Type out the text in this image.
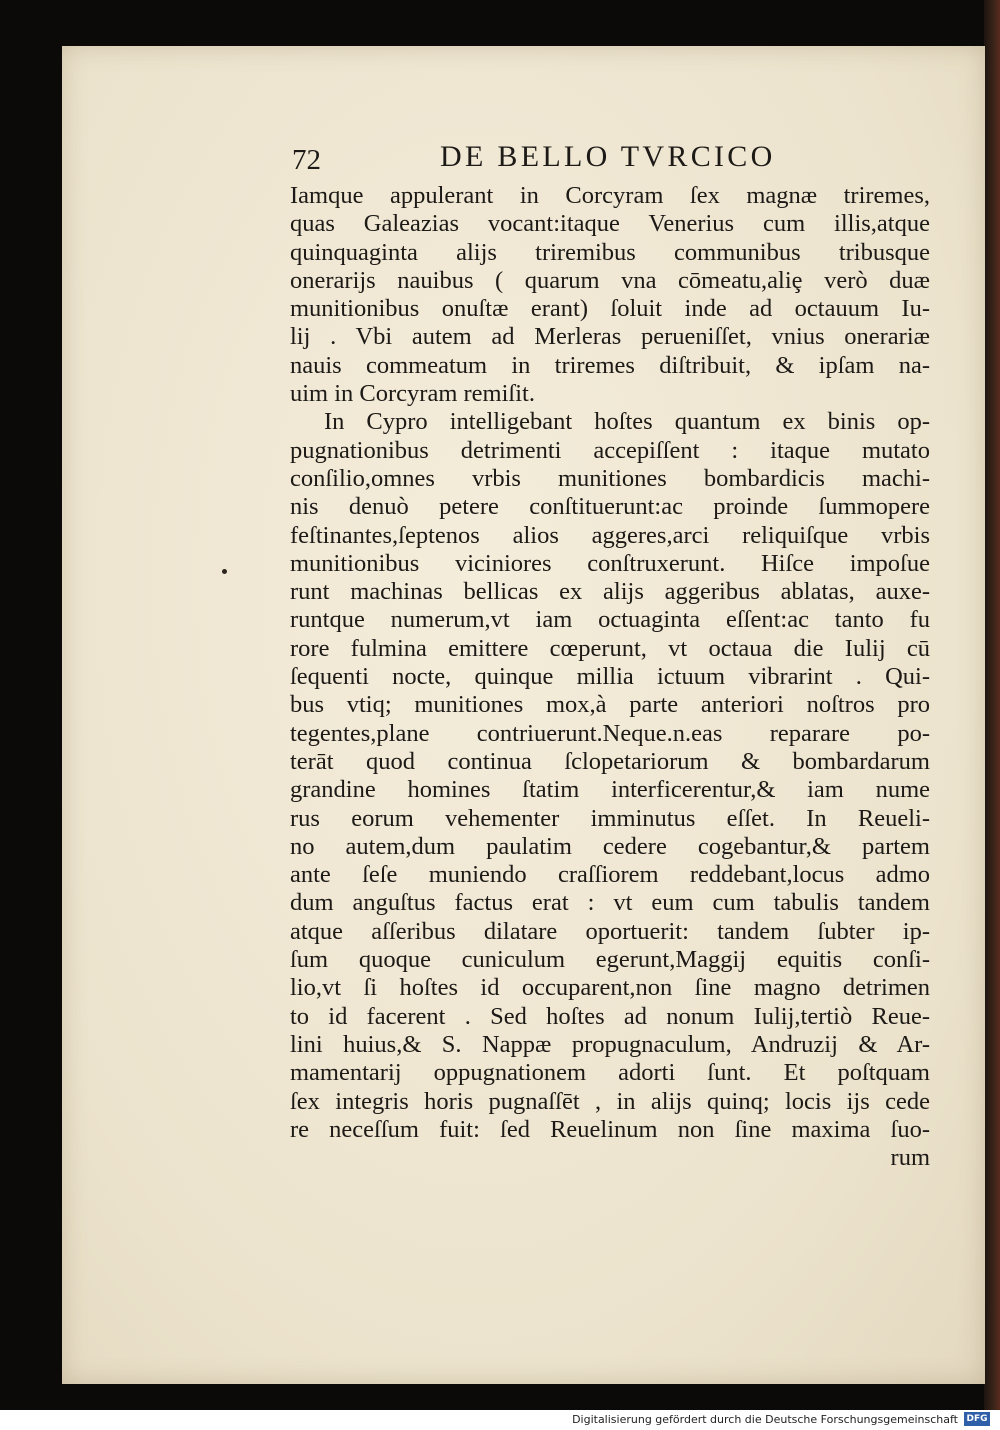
72	DE BELLO TVRCICO
Iamque appulerant in Corcyram ſex magnæ triremes,
quas Galeazias vocant:itaque Venerius cum illis,atque
quinquaginta aliјs triremibus communibus tribusque
onerarijs nauibus ( quarum vna cōmeatu,aliȩ verò duæ
munitionibus onuſtæ erant) ſoluit inde ad octauum Iu-
lij . Vbi autem ad Merleras perueniſſet, vnius onerariæ
nauis commeatum in triremes diſtribuit, & ipſam na-
uim in Corcyram remiſit.
In Cypro intelligebant hoſtes quantum ex binis op-
pugnationibus detrimenti accepiſſent : itaque mutato
conſilio,omnes vrbis munitiones bombardicis machi-
nis denuò petere conſtituerunt:ac proinde ſummopere
feſtinantes,ſeptenos alios aggeres,arci reliquiſque vrbis
munitionibus viciniores conſtruxerunt. Hiſce impoſue
runt machinas bellicas ex alijs aggeribus ablatas, auxe-
runtque numerum,vt iam octuaginta eſſent:ac tanto fu
rore fulmina emittere cœperunt, vt octaua die Iulij cū
ſequenti nocte, quinque millia ictuum vibrarint . Qui-
bus vtiq; munitiones mox,à parte anteriori noſtros pro
tegentes,plane contriuerunt.Neque.n.eas reparare po-
terāt quod continua ſclopetariorum & bombardarum
grandine homines ſtatim interficerentur,& iam nume
rus eorum vehementer imminutus eſſet. In Reueli-
no autem,dum paulatim cedere cogebantur,& partem
ante ſeſe muniendo craſſiorem reddebant,locus admo
dum anguſtus factus erat : vt eum cum tabulis tandem
atque aſſeribus dilatare oportuerit: tandem ſubter ip-
ſum quoque cuniculum egerunt,Maggij equitis conſi-
lio,vt ſi hoſtes id occuparent,non ſine magno detrimen
to id facerent . Sed hoſtes ad nonum Iulij,tertiò Reue-
lini huius,& S. Nappæ propugnaculum, Andruzij & Ar-
mamentarij oppugnationem adorti ſunt. Et poſtquam
ſex integris horis pugnaſſēt , in alijs quinq; locis ijs cede
re neceſſum fuit: ſed Reuelinum non ſine maxima ſuo-
rum
Digitalisierung gefördert durch die Deutsche Forschungsgemeinschaft DFG
